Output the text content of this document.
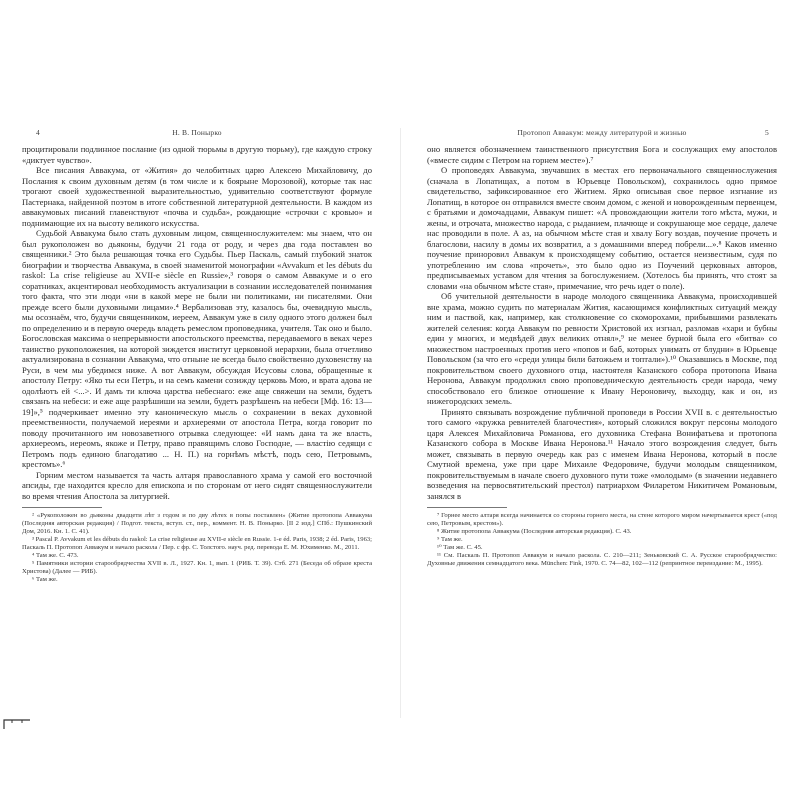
4	Н. В. Понырко

процитировали подлинное послание (из одной тюрьмы в другую тюрьму), где каждую строку «диктует чувство».

Все писания Аввакума, от «Жития» до челобитных царю Алексею Михайловичу, до Послания к своим духовным детям (в том числе и к боярыне Морозовой), которые так нас трогают своей художественной выразительностью, удивительно соответствуют формуле Пастернака, найденной поэтом в итоге собственной литературной деятельности. В каждом из аввакумовых писаний главенствуют «почва и судьба», рождающие «строчки с кровью» и поднимающие их на высоту великого искусства.

Судьбой Аввакума было стать духовным лицом, священнослужителем: мы знаем, что он был рукоположен во дьяконы, будучи 21 года от роду, и через два года поставлен во священники.² Это была решающая точка его Судьбы. Пьер Паскаль, самый глубокий знаток биографии и творчества Аввакума, в своей знаменитой монографии «Avvakum et les débuts du raskol: La crise religieuse au XVII-e siècle en Russie»,³ говоря о самом Аввакуме и о его соратниках, акцентировал необходимость актуализации в сознании исследователей понимания того факта, что эти люди «ни в какой мере не были ни политиками, ни писателями. Они прежде всего были духовными лицами».⁴ Вербализовав эту, казалось бы, очевидную мысль, мы осознаём, что, будучи священником, иереем, Аввакум уже в силу одного этого должен был по определению и в первую очередь владеть ремеслом проповедника, учителя. Так оно и было. Богословская максима о непрерывности апостольского преемства, передаваемого в веках через таинство рукоположения, на которой зиждется институт церковной иерархии, была отчетливо актуализирована в сознании Аввакума, что отныне не всегда было свойственно духовенству на Руси, в чем мы убедимся ниже. А вот Аввакум, обсуждая Исусовы слова, обращенные к апостолу Петру: «Яко ты еси Петръ, и на семъ камени созижду церковь Мою, и врата адова не одолѣютъ ей <...>. И дамъ ти ключа царства небеснаго: еже аще свяжеши на земли, будетъ связанъ на небеси: и еже аще разрѣшиши на земли, будетъ разрѣшенъ на небеси [Мф. 16: 13—19]»,⁵ подчеркивает именно эту каноническую мысль о сохранении в веках духовной преемственности, получаемой иереями и архиереями от апостола Петра, когда говорит по поводу прочитанного им новозаветного отрывка следующее: «И намъ дана та же власть, архиереомъ, иереомъ, якоже и Петру, право правящимъ слово Господне, — властію седящи с Петромъ подъ единою благодатию ... Н. П.) на горнѣмъ мѣстѣ, подъ сею, Петровымъ, крестомъ».⁶

Горним местом называется та часть алтаря православного храма у самой его восточной апсиды, где находится кресло для епископа и по сторонам от него сидят священнослужители во время чтения Апостола за литургией.

² «Рукоположен во дьяконы двадцети лѣт з годом и по дву лѣтех в попы поставлен» (Житие протопопа Аввакума (Последняя авторская редакция) / Подгот. текста, вступ. ст., пер., коммент. Н. В. Понырко. [II 2 изд.] СПб.: Пушкинский Дом, 2016. Кн. 1. С. 41).

³ Pascal P. Avvakum et les débuts du raskol: La crise religieuse au XVII-e siècle en Russie. 1-e éd. Paris, 1938; 2 éd. Paris, 1963; Паскаль П. Протопоп Аввакум и начало раскола / Пер. с фр. С. Толстого. науч. ред. перевода Е. М. Юхименко. М., 2011.

⁴ Там же. С. 473.

⁵ Памятники истории старообрядчества XVII в. Л., 1927. Кн. 1, вып. 1 (РИБ. Т. 39). Стб. 271 (Беседа об образе креста Христова) (Далее — РИБ).

⁶ Там же.

Протопоп Аввакум: между литературой и жизнью	5

оно является обозначением таинственного присутствия Бога и сослужащих ему апостолов («вместе сидим с Петром на горнем месте»).⁷

О проповедях Аввакума, звучавших в местах его первоначального священнослужения (сначала в Лопатищах, а потом в Юрьевце Повольском), сохранилось одно прямое свидетельство, зафиксированное его Житием. Ярко описывая свое первое изгнание из Лопатищ, в которое он отправился вместе своим домом, с женой и новорожденным первенцем, с братьями и домочадцами, Аввакум пишет: «А провождающии жители того мѣста, мужи, и жены, и отрочата, множество народа, с рыданием, плачюще и сокрушающе мое сердце, далече нас проводили в поле. А аз, на обычном мѣсте стая и хвалу Богу воздав, поучение прочеть и благослови, насилу в домы их возвратил, а з домашними вперед побрели...».⁸ Каков именно поучение приноровил Аввакум к происходящему событию, остается неизвестным, судя по употреблению им слова «прочеть», это было одно из Поучений церковных авторов, предписываемых уставом для чтения за богослужением. (Хотелось бы принять, что стоят за словами «на обычном мѣсте стая», примечание, что речь идет о поле).

Об учительной деятельности в народе молодого священника Аввакума, происходившей вне храма, можно судить по материалам Жития, касающимся конфликтных ситуаций между ним и паствой, как, например, как столкновение со скоморохами, прибывшими развлекать жителей селения: когда Аввакум по ревности Христовой их изгнал, разломав «хари и бубны един у многих, и медвѣдей двух великих отнял»,⁹ не менее бурной была его «битва» со множеством настроенных против него «попов и баб, которых унимать от блудни» в Юрьевце Повольском (за что его «среди улицы били батожьем и топтали»).¹⁰ Оказавшись в Москве, под покровительством своего духовного отца, настоятеля Казанского собора протопопа Ивана Неронова, Аввакум продолжил свою проповедническую деятельность среди народа, чему способствовало его близкое отношение к Ивану Нероновичу, выходцу, как и он, из нижегородских земель.

Принято связывать возрождение публичной проповеди в России XVII в. с деятельностью того самого «кружка ревнителей благочестия», который сложился вокруг персоны молодого царя Алексея Михайловича Романова, его духовника Стефана Вонифатьева и протопопа Казанского собора в Москве Ивана Неронова.¹¹ Начало этого возрождения следует, быть может, связывать в первую очередь как раз с именем Ивана Неронова, который в после Смутной времена, уже при царе Михаиле Федоровиче, будучи молодым священником, покровительствуемым в начале своего духовного пути тоже «молодым» (в значении недавнего возведения на первосвятительский престол) патриархом Филаретом Никитичем Романовым, занялся в

⁷ Горнее место алтаря всегда начинается со стороны горнего места, на стене которого миром начертывается крест («под сею, Петровым, крестом»).

⁸ Житие протопопа Аввакума (Последняя авторская редакция). С. 43.

⁹ Там же.

¹⁰ Там же. С. 45.

¹¹ См. Паскаль П. Протопоп Аввакум и начало раскола. С. 210—211; Зеньковский С. А. Русское старообрядчество: Духовные движения семнадцатого века. München: Fink, 1970. С. 74—82, 102—112 (репринтное переиздание: М., 1995).
